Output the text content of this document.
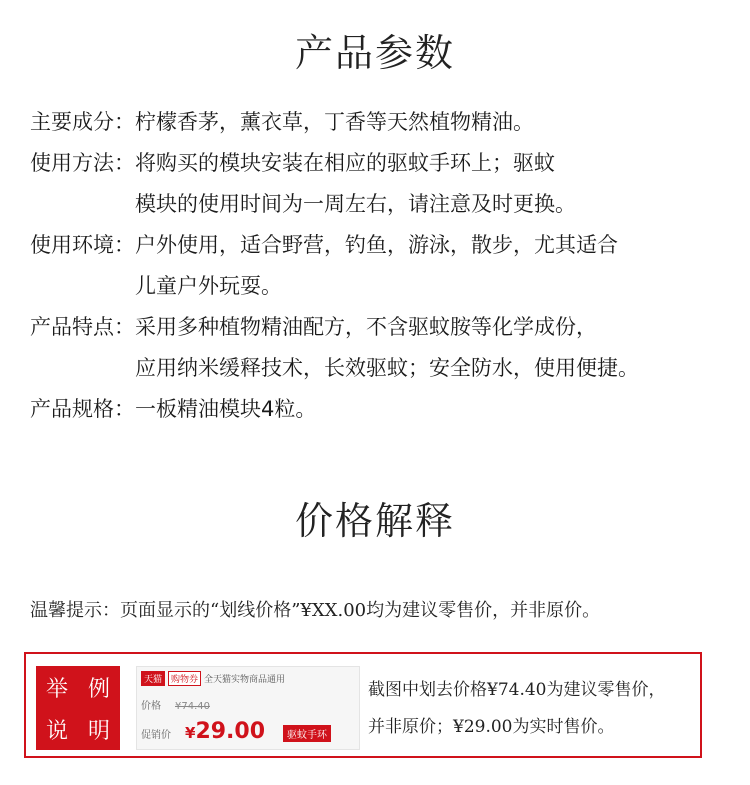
产品参数
主要成分： 柠檬香茅，薰衣草，丁香等天然植物精油。
使用方法： 将购买的模块安装在相应的驱蚊手环上；驱蚊
模块的使用时间为一周左右，请注意及时更换。
使用环境： 户外使用，适合野营，钓鱼，游泳，散步，尤其适合
儿童户外玩耍。
产品特点： 采用多种植物精油配方，不含驱蚊胺等化学成份，
应用纳米缓释技术，长效驱蚊；安全防水，使用便捷。
产品规格： 一板精油模块4粒。
价格解释
温馨提示：页面显示的“划线价格”¥XX.00均为建议零售价，并非原价。
举 例
说 明
天猫	购物券 全天猫实物商品通用
价格 ¥74.40
促销价 ¥29.00	驱蚊手环
截图中划去价格¥74.40为建议零售价，
并非原价；¥29.00为实时售价。
